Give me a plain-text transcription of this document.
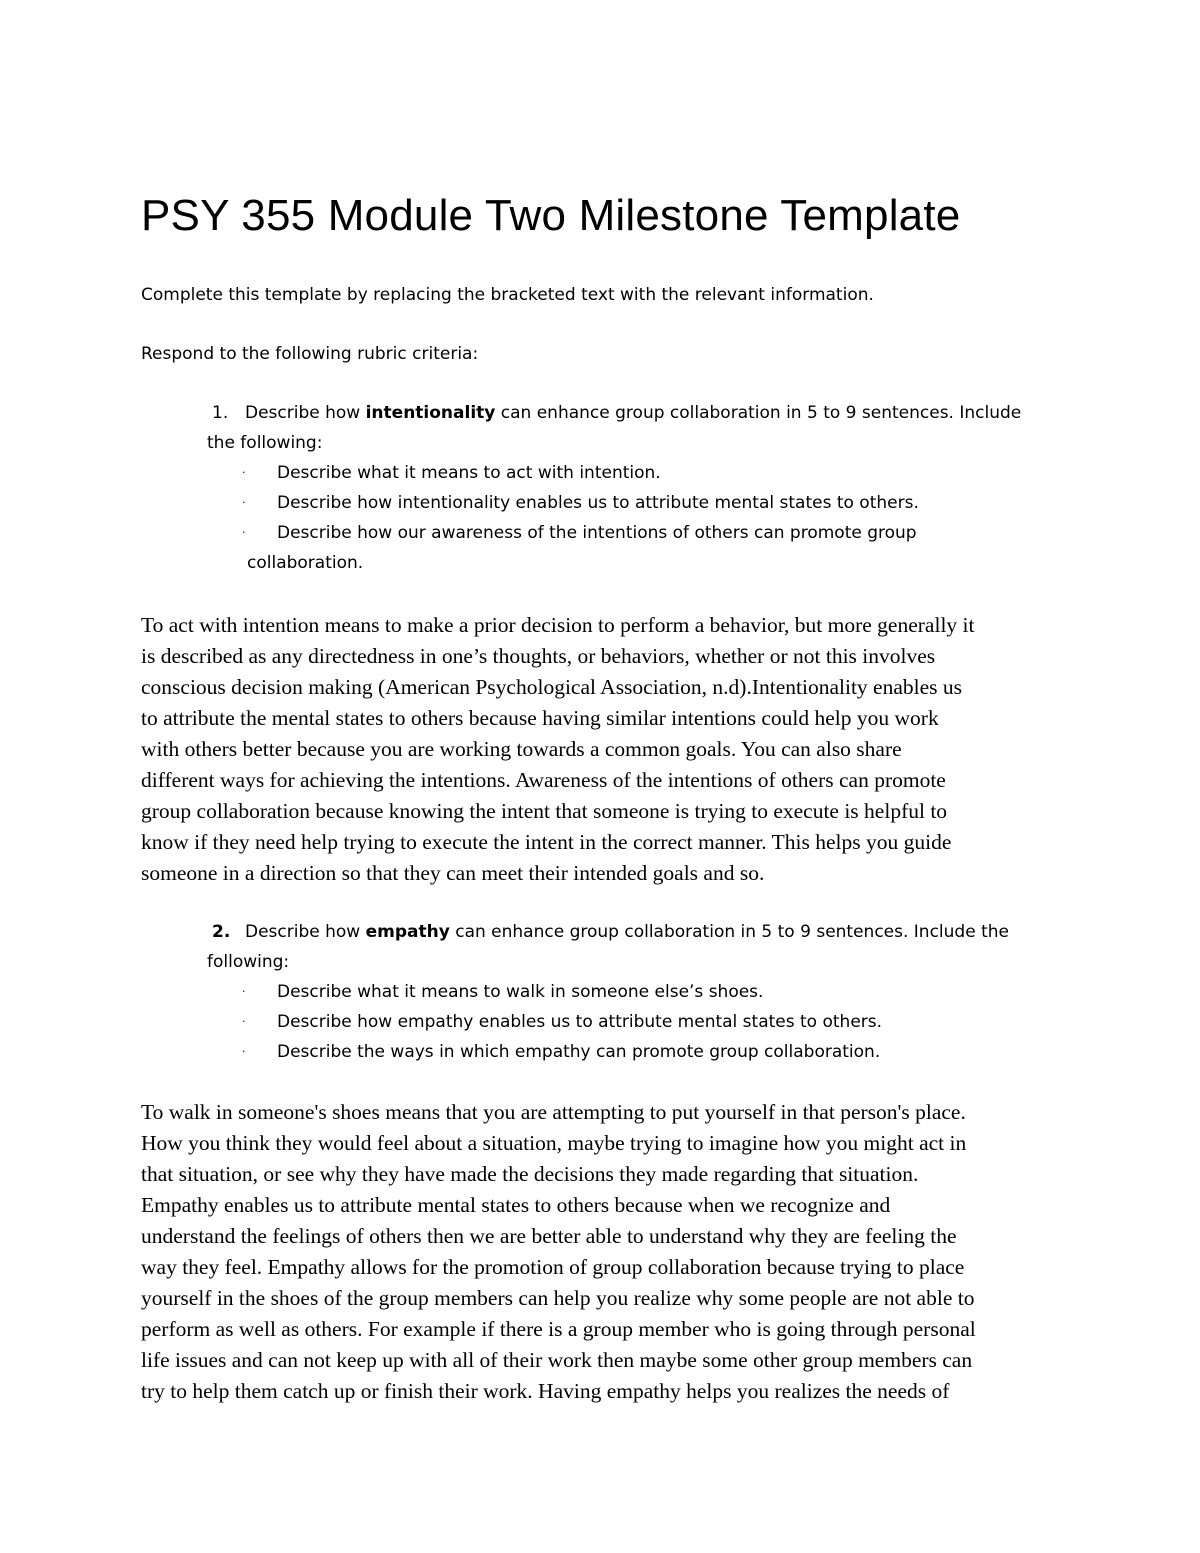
PSY 355 Module Two Milestone Template

Complete this template by replacing the bracketed text with the relevant information.

Respond to the following rubric criteria:

1. Describe how intentionality can enhance group collaboration in 5 to 9 sentences. Include
the following:
· Describe what it means to act with intention.
· Describe how intentionality enables us to attribute mental states to others.
· Describe how our awareness of the intentions of others can promote group
collaboration.
To act with intention means to make a prior decision to perform a behavior, but more generally it
is described as any directedness in one’s thoughts, or behaviors, whether or not this involves
conscious decision making (American Psychological Association, n.d).Intentionality enables us
to attribute the mental states to others because having similar intentions could help you work
with others better because you are working towards a common goals. You can also share
different ways for achieving the intentions. Awareness of the intentions of others can promote
group collaboration because knowing the intent that someone is trying to execute is helpful to
know if they need help trying to execute the intent in the correct manner. This helps you guide
someone in a direction so that they can meet their intended goals and so.
2. Describe how empathy can enhance group collaboration in 5 to 9 sentences. Include the
following:
· Describe what it means to walk in someone else’s shoes.
· Describe how empathy enables us to attribute mental states to others.
· Describe the ways in which empathy can promote group collaboration.
To walk in someone's shoes means that you are attempting to put yourself in that person's place.
How you think they would feel about a situation, maybe trying to imagine how you might act in
that situation, or see why they have made the decisions they made regarding that situation.
Empathy enables us to attribute mental states to others because when we recognize and
understand the feelings of others then we are better able to understand why they are feeling the
way they feel. Empathy allows for the promotion of group collaboration because trying to place
yourself in the shoes of the group members can help you realize why some people are not able to
perform as well as others. For example if there is a group member who is going through personal
life issues and can not keep up with all of their work then maybe some other group members can
try to help them catch up or finish their work. Having empathy helps you realizes the needs of
